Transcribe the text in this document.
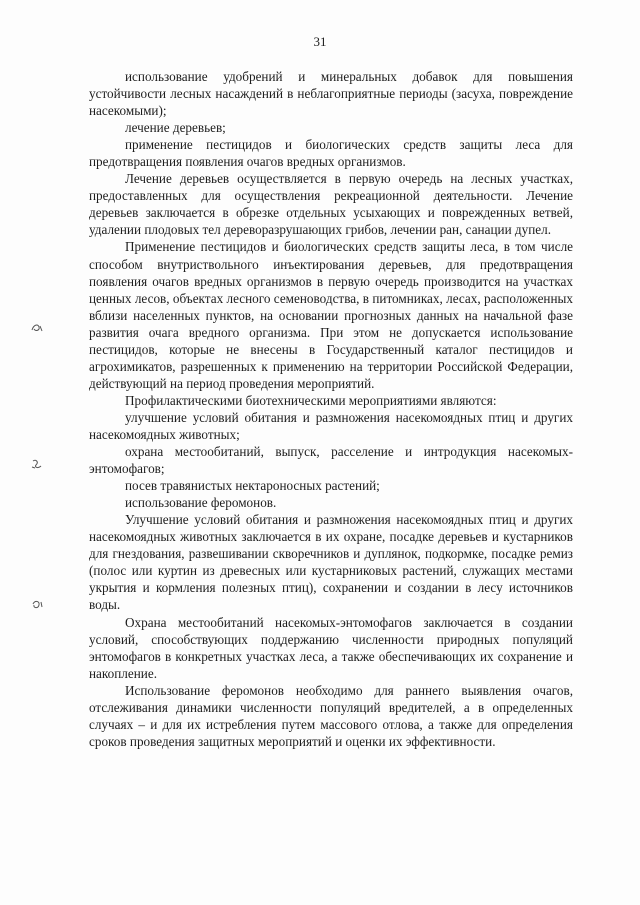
31

использование удобрений и минеральных добавок для повышения устойчивости лесных насаждений в неблагоприятные периоды (засуха, повреждение насекомыми);

лечение деревьев;

применение пестицидов и биологических средств защиты леса для предотвращения появления очагов вредных организмов.

Лечение деревьев осуществляется в первую очередь на лесных участках, предоставленных для осуществления рекреационной деятельности. Лечение деревьев заключается в обрезке отдельных усыхающих и поврежденных ветвей, удалении плодовых тел дереворазрушающих грибов, лечении ран, санации дупел.

Применение пестицидов и биологических средств защиты леса, в том числе способом внутриствольного инъектирования деревьев, для предотвращения появления очагов вредных организмов в первую очередь производится на участках ценных лесов, объектах лесного семеноводства, в питомниках, лесах, расположенных вблизи населенных пунктов, на основании прогнозных данных на начальной фазе развития очага вредного организма. При этом не допускается использование пестицидов, которые не внесены в Государственный каталог пестицидов и агрохимикатов, разрешенных к применению на территории Российской Федерации, действующий на период проведения мероприятий.

Профилактическими биотехническими мероприятиями являются:

улучшение условий обитания и размножения насекомоядных птиц и других насекомоядных животных;

охрана местообитаний, выпуск, расселение и интродукция насекомых-энтомофагов;

посев травянистых нектароносных растений;

использование феромонов.

Улучшение условий обитания и размножения насекомоядных птиц и других насекомоядных животных заключается в их охране, посадке деревьев и кустарников для гнездования, развешивании скворечников и дуплянок, подкормке, посадке ремиз (полос или куртин из древесных или кустарниковых растений, служащих местами укрытия и кормления полезных птиц), сохранении и создании в лесу источников воды.

Охрана местообитаний насекомых-энтомофагов заключается в создании условий, способствующих поддержанию численности природных популяций энтомофагов в конкретных участках леса, а также обеспечивающих их сохранение и накопление.

Использование феромонов необходимо для раннего выявления очагов, отслеживания динамики численности популяций вредителей, а в определенных случаях – и для их истребления путем массового отлова, а также для определения сроков проведения защитных мероприятий и оценки их эффективности.
